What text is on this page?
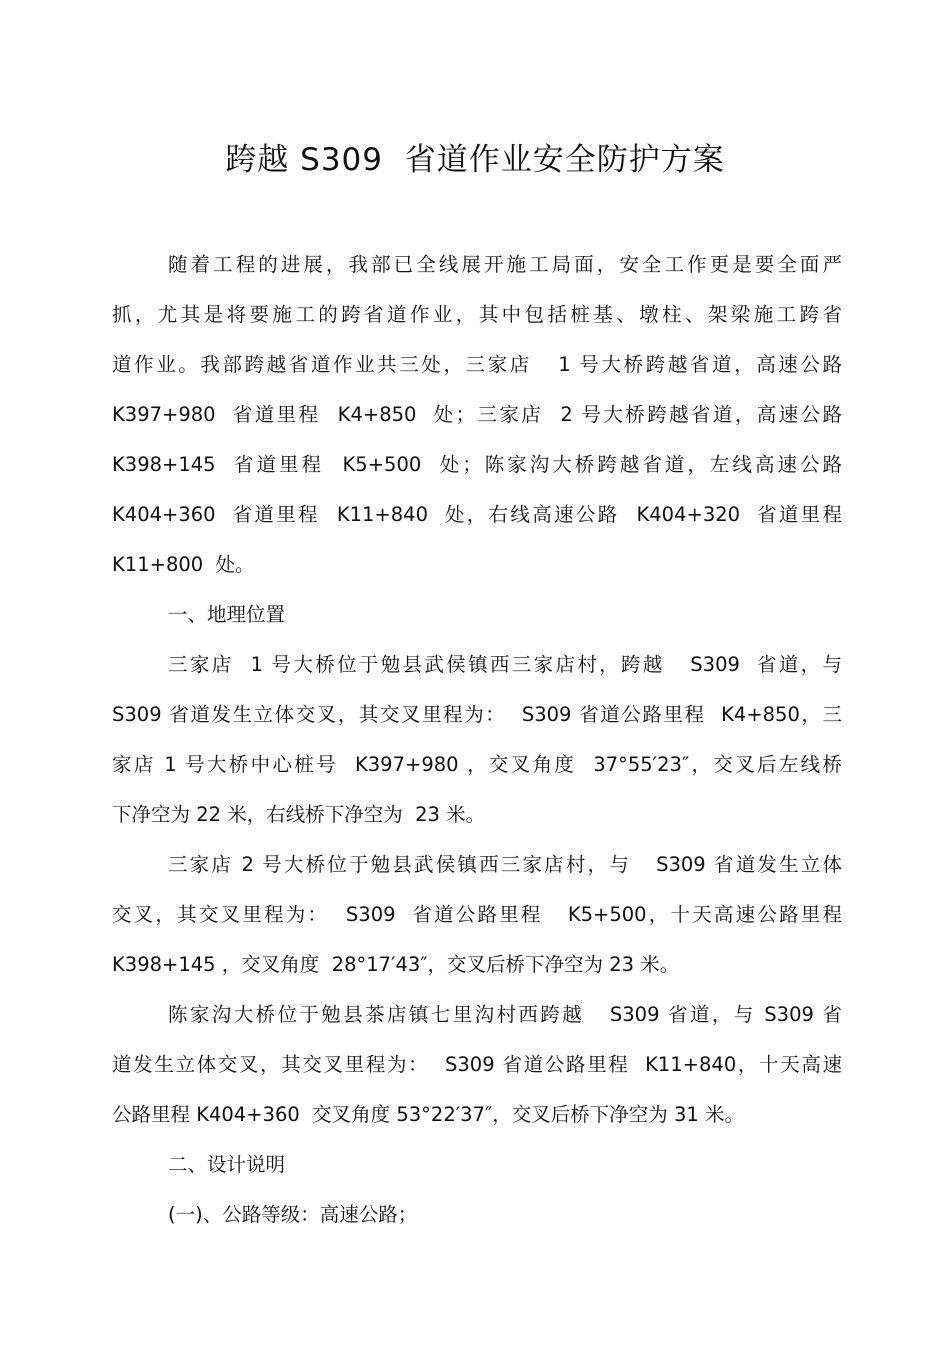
跨越 S309  省道作业安全防护方案
随着工程的进展，我部已全线展开施工局面，安全工作更是要全面严
抓，尤其是将要施工的跨省道作业，其中包括桩基、墩柱、架梁施工跨省
道作业。我部跨越省道作业共三处，三家店   1 号大桥跨越省道，高速公路
K397+980  省道里程  K4+850  处；三家店  2 号大桥跨越省道，高速公路
K398+145  省道里程  K5+500  处；陈家沟大桥跨越省道，左线高速公路
K404+360  省道里程  K11+840  处，右线高速公路  K404+320  省道里程
K11+800  处。
一、地理位置
三家店  1 号大桥位于勉县武侯镇西三家店村，跨越   S309  省道，与
S309 省道发生立体交叉，其交叉里程为：  S309 省道公路里程  K4+850，三
家店 1 号大桥中心桩号  K397+980 ，交叉角度  37°55′23″，交叉后左线桥
下净空为 22 米，右线桥下净空为  23 米。
三家店 2 号大桥位于勉县武侯镇西三家店村，与   S309 省道发生立体
交叉，其交叉里程为：  S309  省道公路里程   K5+500，十天高速公路里程
K398+145 ，交叉角度  28°17′43″，交叉后桥下净空为 23 米。
陈家沟大桥位于勉县茶店镇七里沟村西跨越   S309 省道，与 S309 省
道发生立体交叉，其交叉里程为：  S309 省道公路里程  K11+840，十天高速
公路里程 K404+360  交叉角度 53°22′37″，交叉后桥下净空为 31 米。
二、设计说明
(一)、公路等级：高速公路；
